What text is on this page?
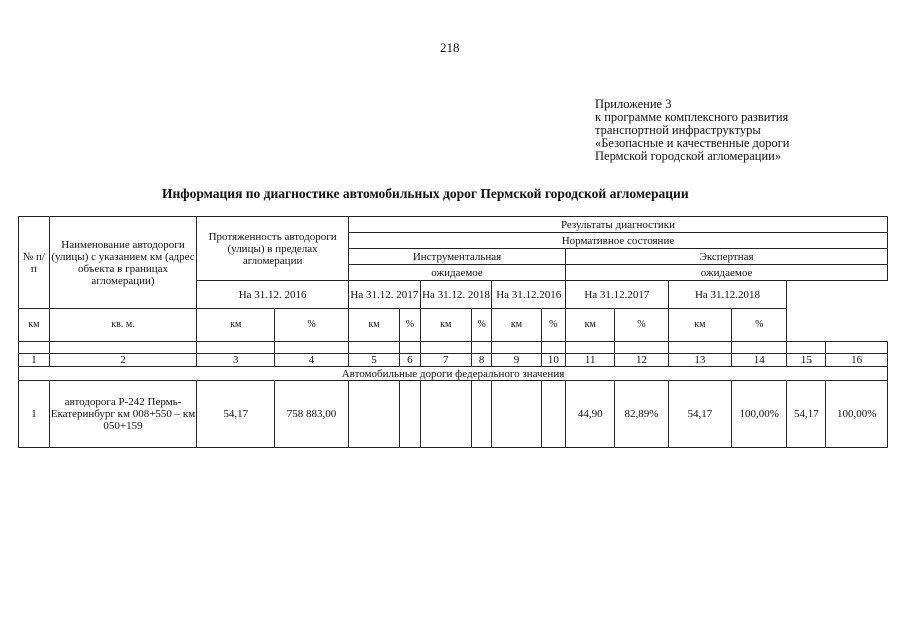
218
Приложение 3
к программе комплексного развития
транспортной инфраструктуры
«Безопасные и качественные дороги
Пермской городской агломерации»
Информация по диагностике автомобильных дорог Пермской городской агломерации
№ п/п	Наименование автодороги (улицы) с указанием км (адрес объекта в границах агломерации)	Протяженность автодороги (улицы) в пределах агломерации		Результаты диагностики											
				Нормативное состояние											
				Инструментальная						Экспертная					
				ожидаемое						ожидаемое					
		На 31.12. 2016		На 31.12. 2017		На 31.12. 2018		На 31.12.2016		На 31.12.2017		На 31.12.2018			
км	кв. м.	км	%	км	%	км	%	км	%	км	%	км	%		

1	2	3	4	5	6	7	8	9	10	11	12	13	14	15	16
Автомобильные дороги федерального значения															
1	автодорога Р-242 Пермь-Екатеринбург км 008+550 – км 050+159	54,17	758 883,00							44,90	82,89%	54,17	100,00%	54,17	100,00%
